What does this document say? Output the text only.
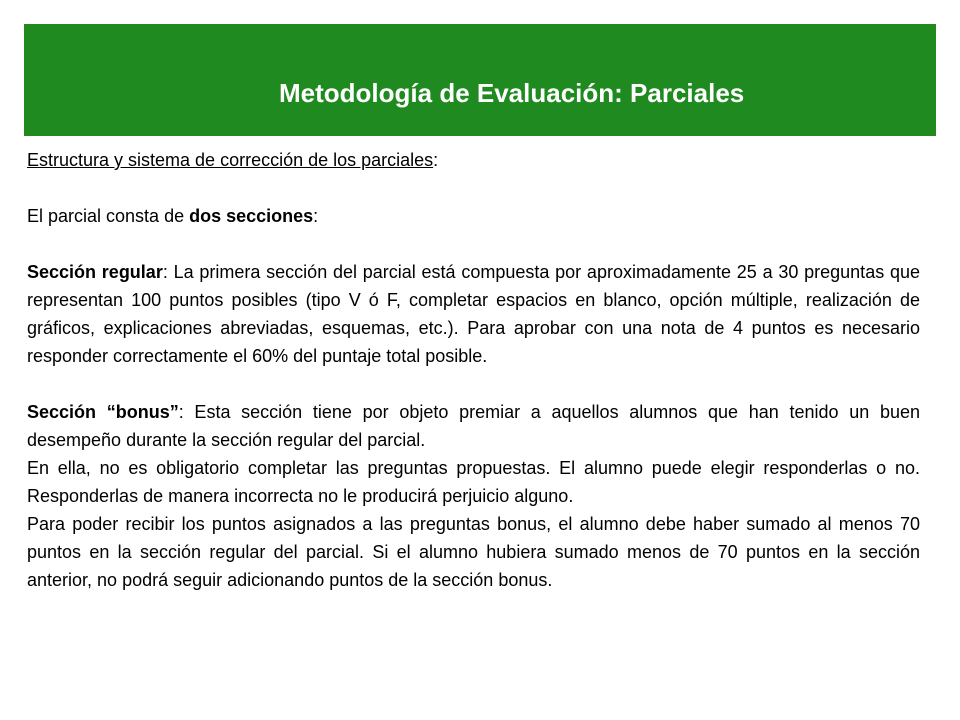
Metodología de Evaluación: Parciales

Estructura y sistema de corrección de los parciales:

El parcial consta de dos secciones:

Sección regular: La primera sección del parcial está compuesta por aproximadamente 25 a 30 preguntas que representan 100 puntos posibles (tipo V ó F, completar espacios en blanco, opción múltiple, realización de gráficos, explicaciones abreviadas, esquemas, etc.). Para aprobar con una nota de 4 puntos es necesario responder correctamente el 60% del puntaje total posible.

Sección “bonus”: Esta sección tiene por objeto premiar a aquellos alumnos que han tenido un buen desempeño durante la sección regular del parcial.

En ella, no es obligatorio completar las preguntas propuestas. El alumno puede elegir responderlas o no. Responderlas de manera incorrecta no le producirá perjuicio alguno.

Para poder recibir los puntos asignados a las preguntas bonus, el alumno debe haber sumado al menos 70 puntos en la sección regular del parcial. Si el alumno hubiera sumado menos de 70 puntos en la sección anterior, no podrá seguir adicionando puntos de la sección bonus.
